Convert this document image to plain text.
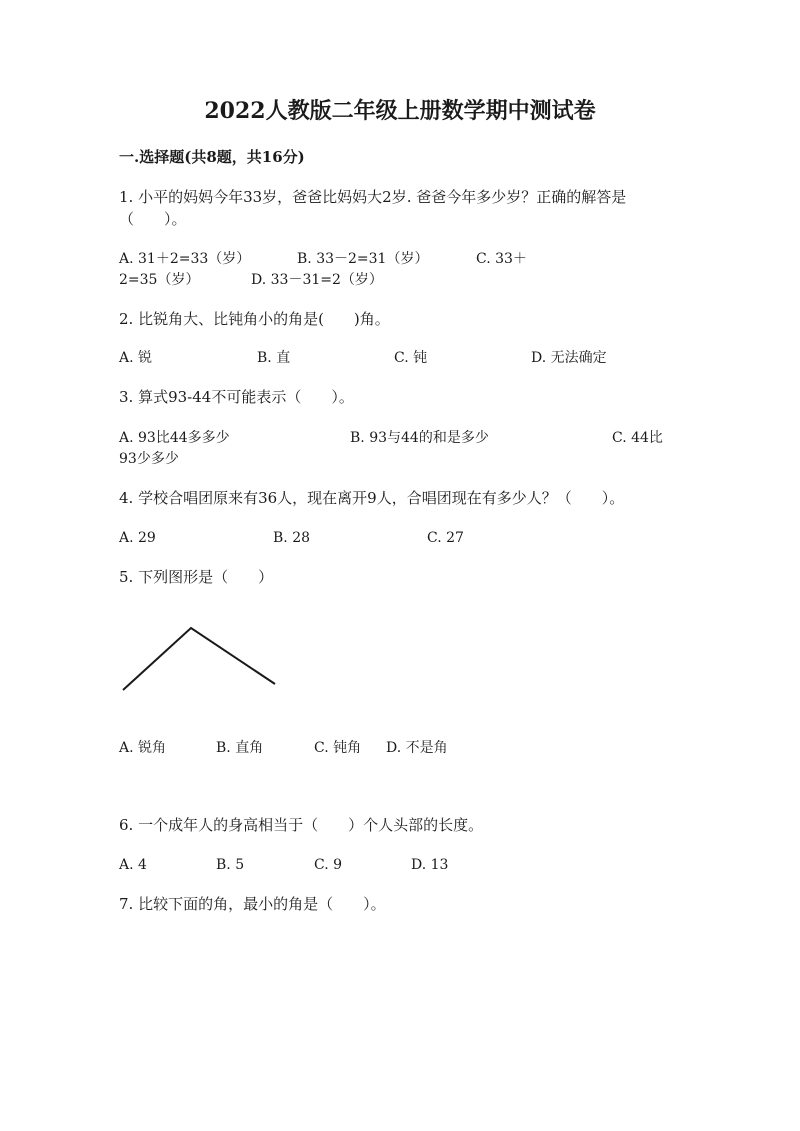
2022人教版二年级上册数学期中测试卷
一.选择题(共8题，共16分)
1. 小平的妈妈今年33岁，爸爸比妈妈大2岁. 爸爸今年多少岁？正确的解答是
（　　）。
A. 31＋2=33（岁）	B. 33－2=31（岁）	C. 33＋
2=35（岁）	D. 33－31=2（岁）
2. 比锐角大、比钝角小的角是(　　)角。
A. 锐	B. 直	C. 钝	D. 无法确定
3. 算式93-44不可能表示（　　）。
A. 93比44多多少	B. 93与44的和是多少	C. 44比
93少多少
4. 学校合唱团原来有36人，现在离开9人，合唱团现在有多少人？（　　）。
A. 29	B. 28	C. 27
5. 下列图形是（　　）
A. 锐角	B. 直角	C. 钝角 D. 不是角
6. 一个成年人的身高相当于（　　）个人头部的长度。
A. 4	B. 5	C. 9	D. 13
7. 比较下面的角，最小的角是（　　）。
